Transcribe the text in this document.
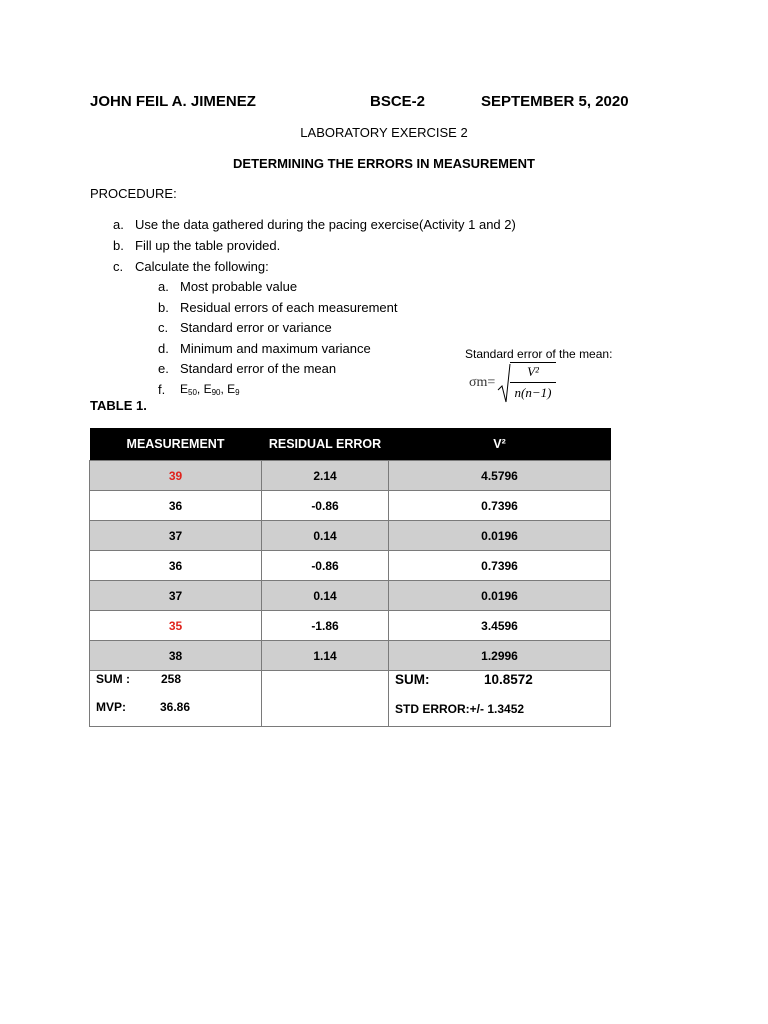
JOHN FEIL A. JIMENEZ	BSCE-2	SEPTEMBER 5, 2020
LABORATORY EXERCISE 2
DETERMINING THE ERRORS IN MEASUREMENT
PROCEDURE:
a. Use the data gathered during the pacing exercise(Activity 1 and 2)
b. Fill up the table provided.
c. Calculate the following:
a. Most probable value
b. Residual errors of each measurement
c. Standard error or variance
d. Minimum and maximum variance
e. Standard error of the mean
f. $E_{50}$, $E_{90}$, $E_9$
Standard error of the mean:
σm=
V²
n(n−1)
TABLE 1.
MEASUREMENT	RESIDUAL ERROR	V²
39	2.14	4.5796
36	-0.86	0.7396
37	0.14	0.0196
36	-0.86	0.7396
37	0.14	0.0196
35	-1.86	3.4596
38	1.14	1.2996

SUM : 258
MVP: 36.86		SUM: 10.8572
STD ERROR:+/- 1.3452
